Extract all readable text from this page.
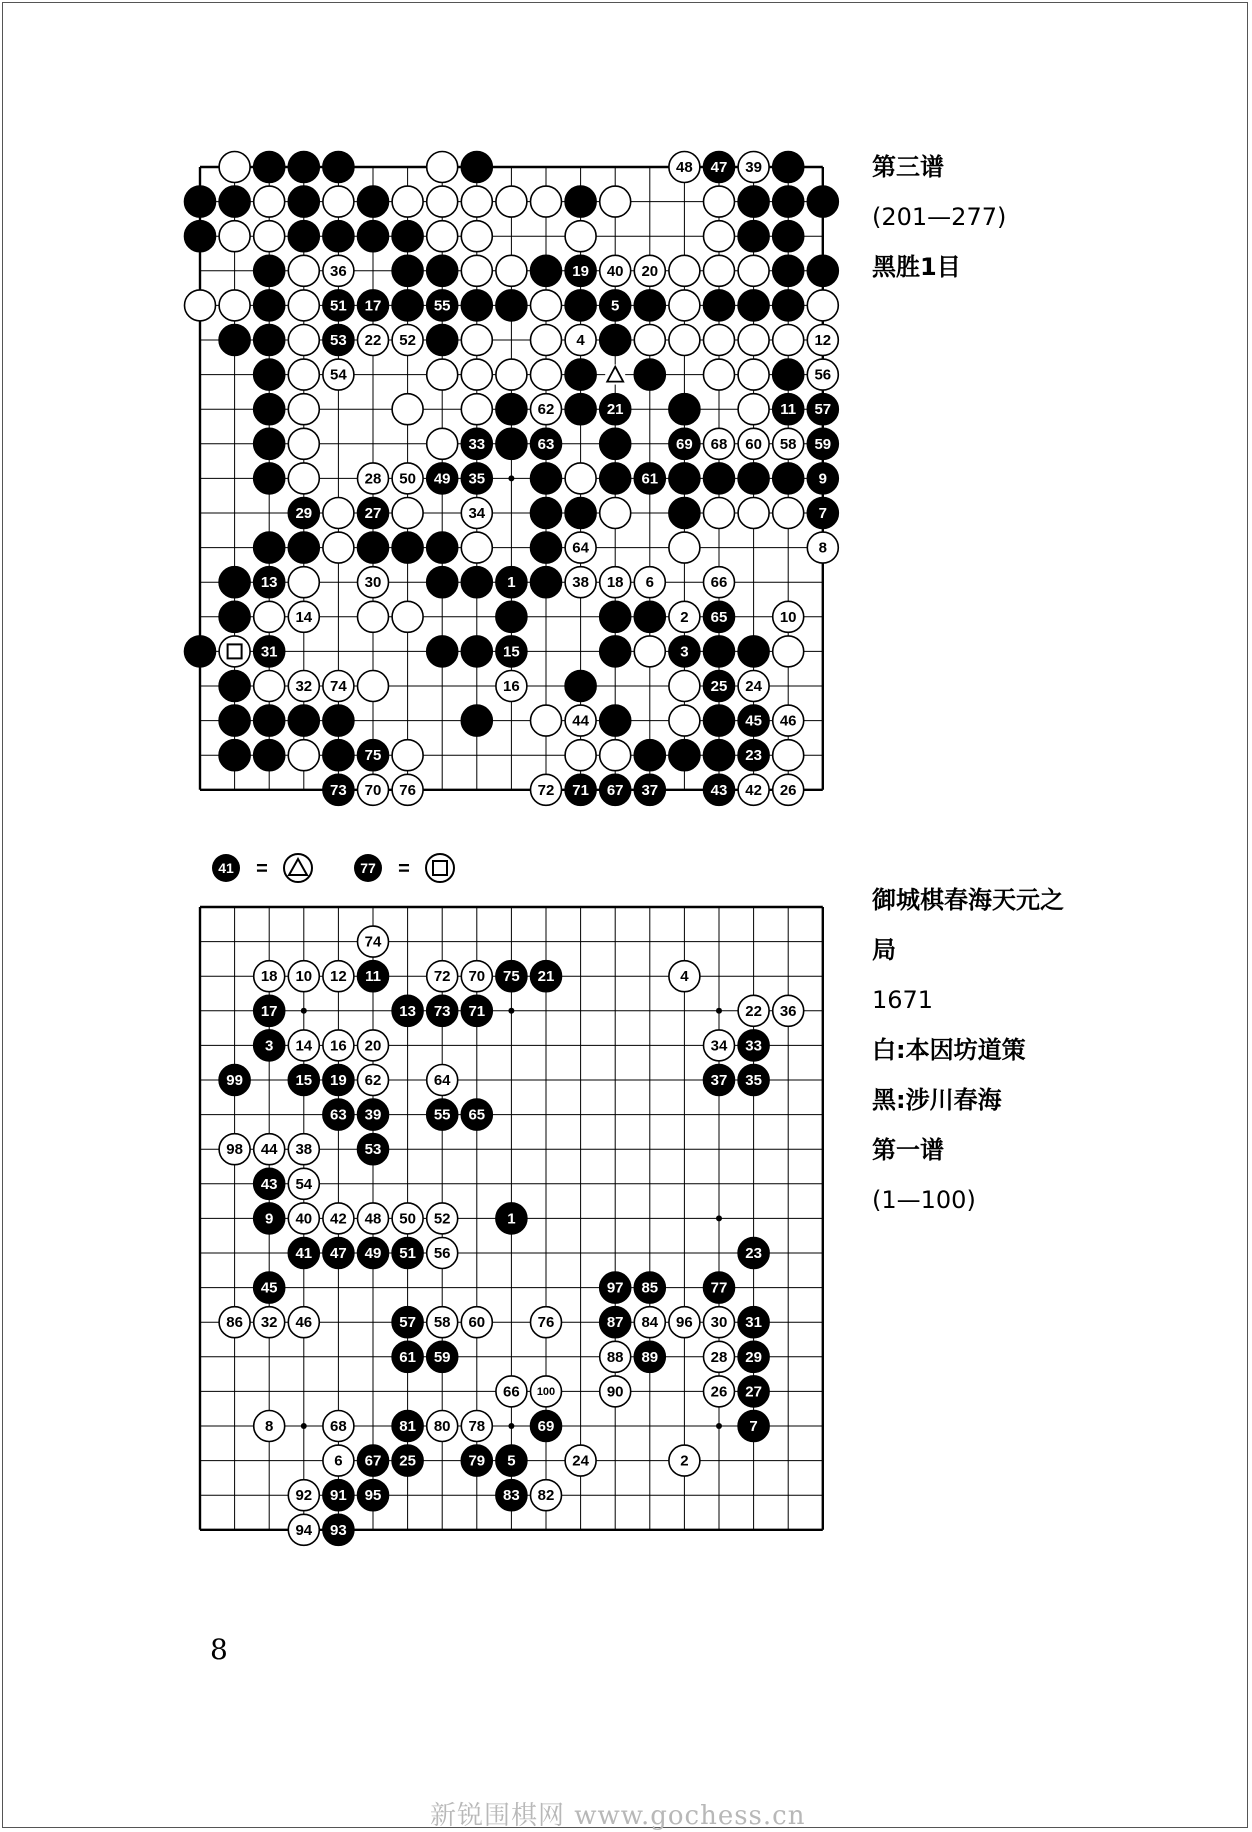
48 47 39
36	19 40 20
51 17	55	5
53 22 52	4	12
54	56
62	21	11 57
33	63	69 68 60 58 59
28 50 49 35	61	9
29	27	34	7
64	8
13	30	1	38 18 6	66
14	2 65	10
31	15	3
32 74	16	25 24
44	45 46
75	23
73 70 76	72 71 67 37	43 42 26
第三谱
(201—277)
黑胜1目
41 =	77 =
74
18 10 12 11	72 70 75 21	4
17	13 73 71	22 36
3 14 16 20	34 33
99	15 19 62	64	37 35
63 39	55 65
98 44 38	53
43 54
9 40 42 48 50 52	1
41 47 49 51 56	23
45	97 85	77
86 32 46	57 58 60	76	87 84 96 30 31
61 59	88 89	28 29
66 100	90	26 27
8	68	81 80 78	69	7
6 67 25	79 5	24	2
92 91 95	83 82
94 93
御城棋春海天元之
局
1671
白:本因坊道策
黑:涉川春海
第一谱
(1—100)
8
新锐围棋网 www.gochess.cn
